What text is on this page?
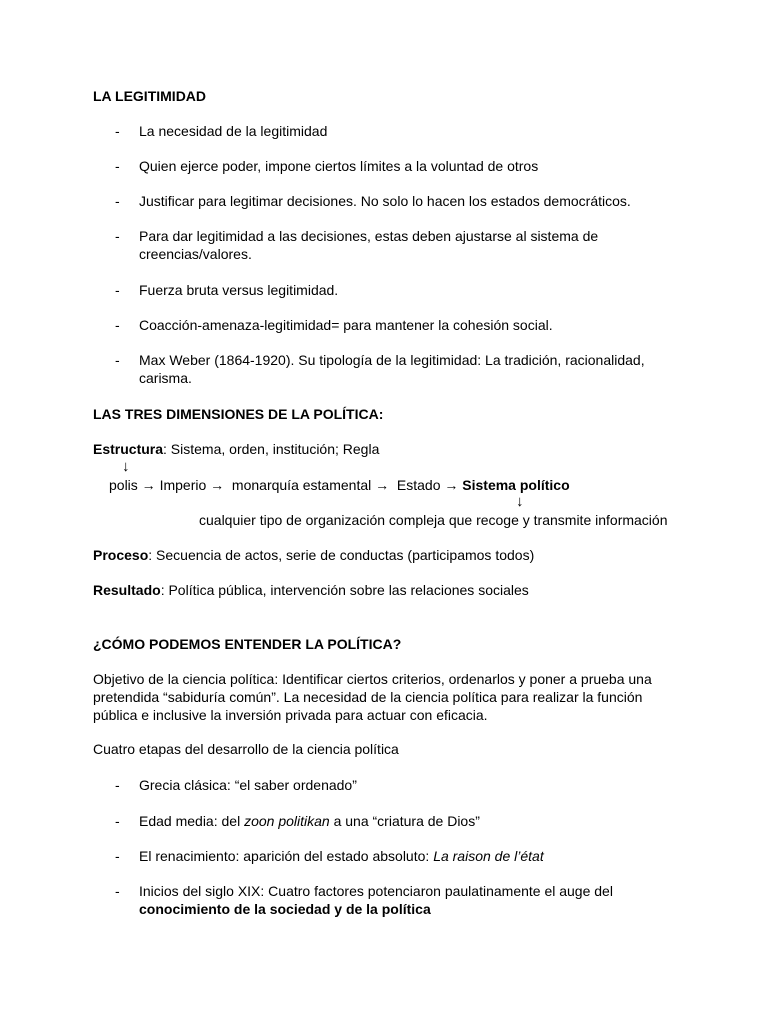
LA LEGITIMIDAD
- La necesidad de la legitimidad
- Quien ejerce poder, impone ciertos límites a la voluntad de otros
- Justificar para legitimar decisiones. No solo lo hacen los estados democráticos.
- Para dar legitimidad a las decisiones, estas deben ajustarse al sistema de creencias/valores.
- Fuerza bruta versus legitimidad.
- Coacción-amenaza-legitimidad= para mantener la cohesión social.
- Max Weber (1864-1920). Su tipología de la legitimidad: La tradición, racionalidad, carisma.
LAS TRES DIMENSIONES DE LA POLÍTICA:
Estructura: Sistema, orden, institución; Regla
↓
polis → Imperio →  monarquía estamental →  Estado → Sistema político
↓
cualquier tipo de organización compleja que recoge y transmite información
Proceso: Secuencia de actos, serie de conductas (participamos todos)
Resultado: Política pública, intervención sobre las relaciones sociales
¿CÓMO PODEMOS ENTENDER LA POLÍTICA?
Objetivo de la ciencia política: Identificar ciertos criterios, ordenarlos y poner a prueba una pretendida “sabiduría común”. La necesidad de la ciencia política para realizar la función pública e inclusive la inversión privada para actuar con eficacia.
Cuatro etapas del desarrollo de la ciencia política
- Grecia clásica: “el saber ordenado”
- Edad media: del zoon politikan a una “criatura de Dios”
- El renacimiento: aparición del estado absoluto: La raison de l’état
- Inicios del siglo XIX: Cuatro factores potenciaron paulatinamente el auge del conocimiento de la sociedad y de la política
